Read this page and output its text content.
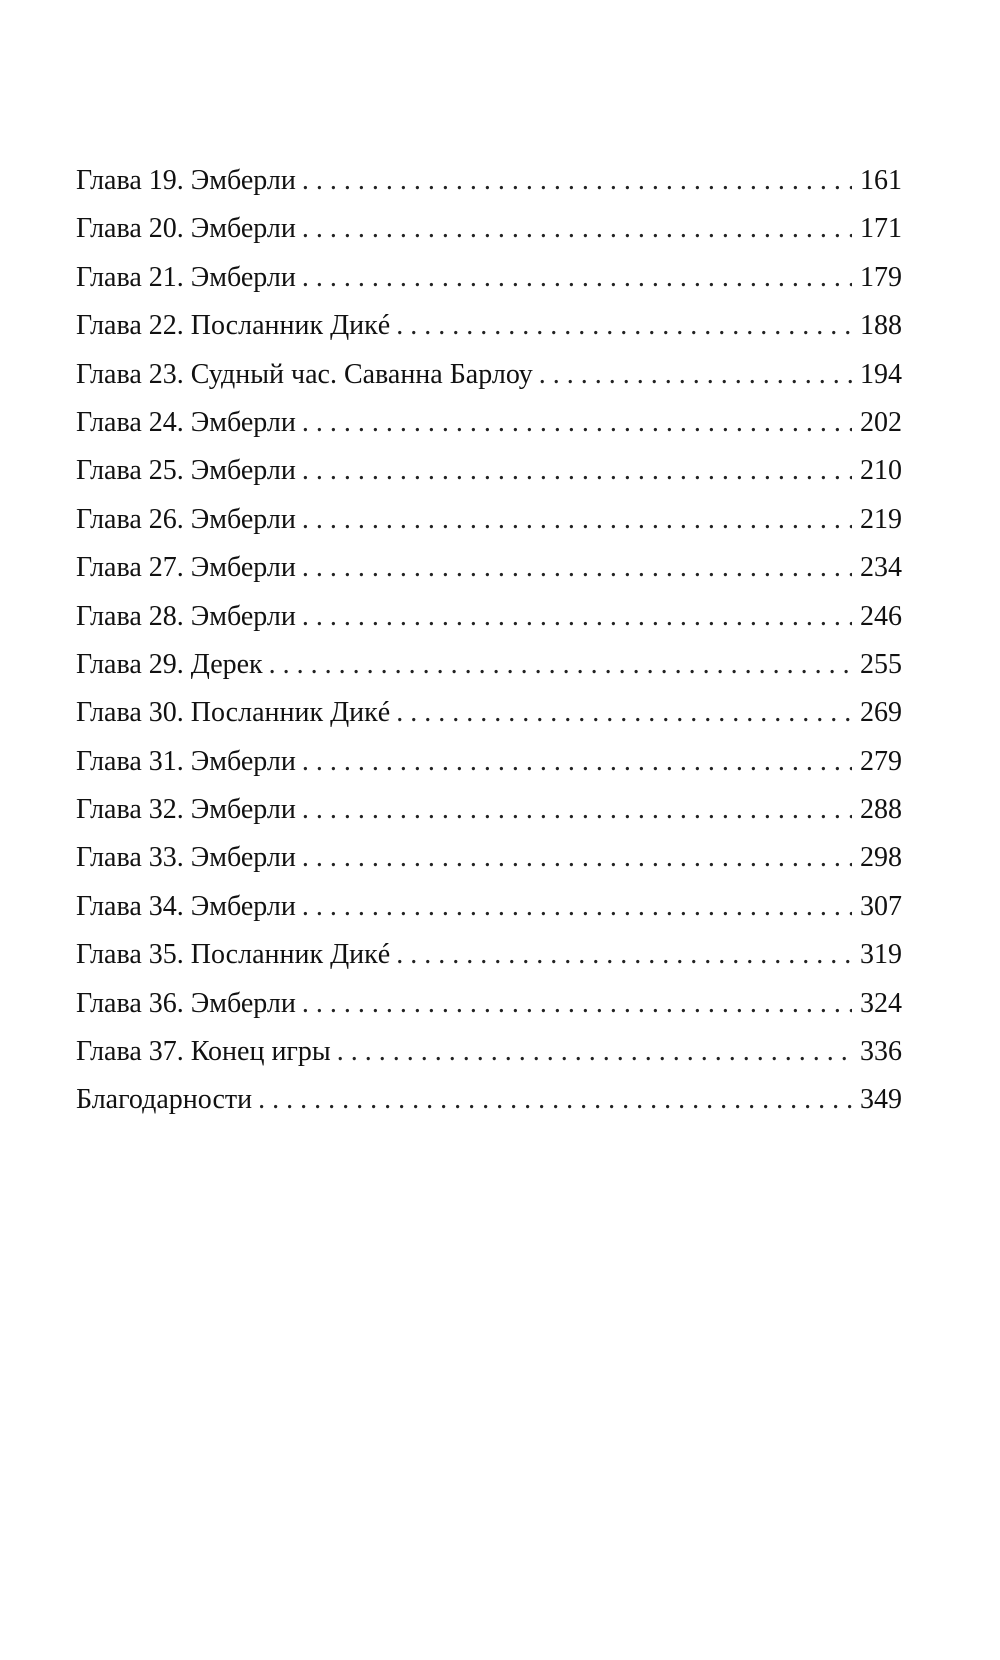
Глава 19. Эмберли . . .	161
Глава 20. Эмберли . . .	171
Глава 21. Эмберли . . .	179
Глава 22. Посланник Дикé . . .	188
Глава 23. Судный час. Саванна Барлоу . . .	194
Глава 24. Эмберли . . .	202
Глава 25. Эмберли . . .	210
Глава 26. Эмберли . . .	219
Глава 27. Эмберли . . .	234
Глава 28. Эмберли . . .	246
Глава 29. Дерек . . .	255
Глава 30. Посланник Дикé . . .	269
Глава 31. Эмберли . . .	279
Глава 32. Эмберли . . .	288
Глава 33. Эмберли . . .	298
Глава 34. Эмберли . . .	307
Глава 35. Посланник Дикé . . .	319
Глава 36. Эмберли . . .	324
Глава 37. Конец игры . . .	336
Благодарности . . .	349
